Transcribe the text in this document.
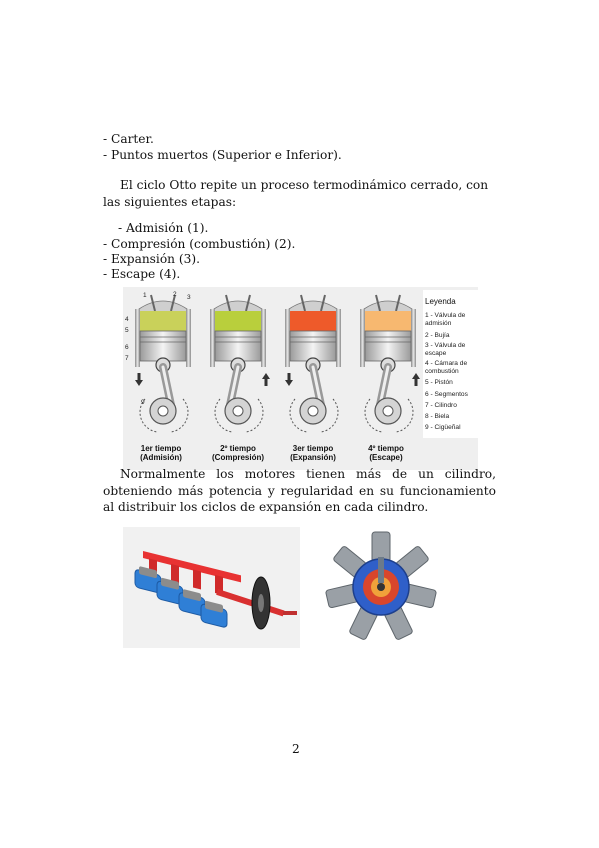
- Carter.
- Puntos muertos (Superior e Inferior).
El ciclo Otto repite un proceso termodinámico cerrado, con las siguientes etapas:
- Admisión (1).
- Compresión (combustión) (2).
- Expansión (3).
- Escape (4).
1	2 3
4
5
6
7
9
Leyenda
1 - Válvula de admisión
2 - Bujía
3 - Válvula de escape
4 - Cámara de combustión
5 - Pistón
6 - Segmentos
7 - Cilindro
8 - Biela
9 - Cigüeñal
1er tiempo
(Admisión)
2º tiempo
(Compresión)
3er tiempo
(Expansión)
4º tiempo
(Escape)
Normalmente los motores tienen más de un cilindro, obteniendo más potencia y regularidad en su funcionamiento al distribuir los ciclos de expansión en cada cilindro.
2
